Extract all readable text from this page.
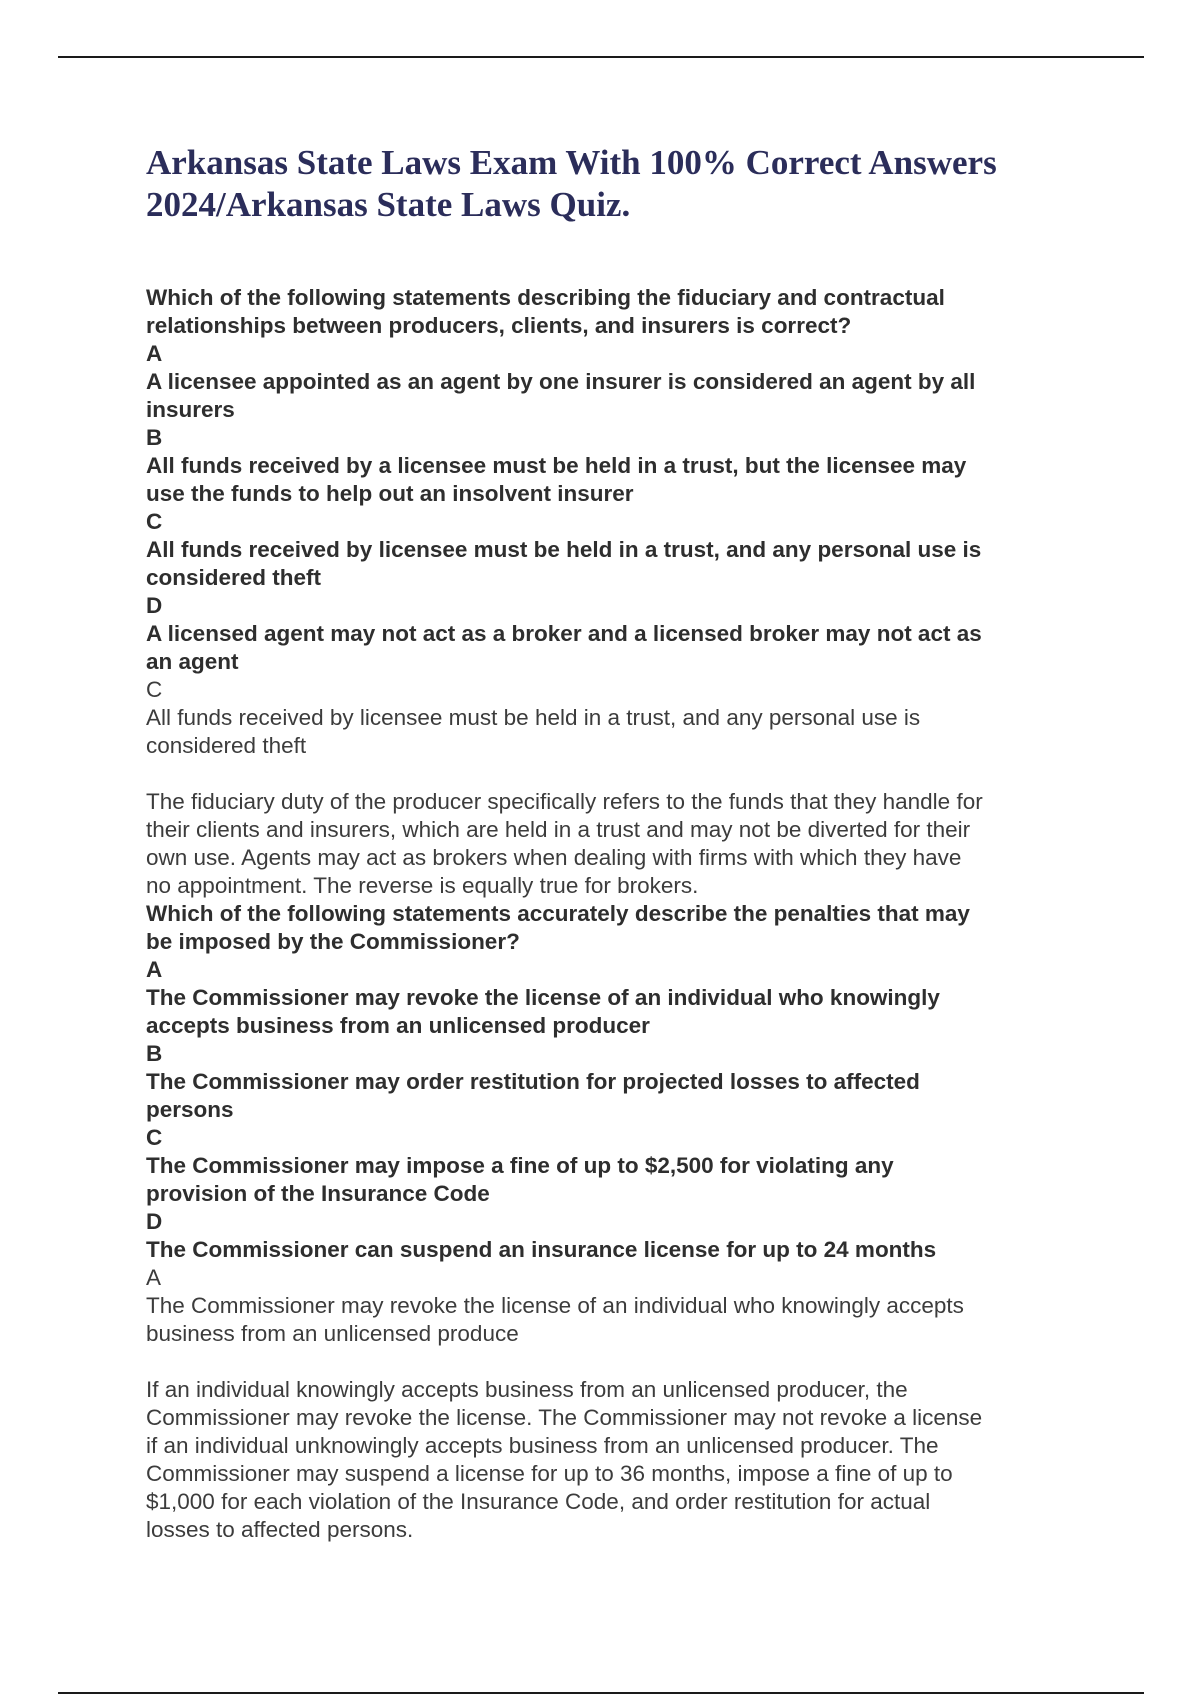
Arkansas State Laws Exam With 100% Correct Answers
2024/Arkansas State Laws Quiz.
Which of the following statements describing the fiduciary and contractual
relationships between producers, clients, and insurers is correct?
A
A licensee appointed as an agent by one insurer is considered an agent by all
insurers
B
All funds received by a licensee must be held in a trust, but the licensee may
use the funds to help out an insolvent insurer
C
All funds received by licensee must be held in a trust, and any personal use is
considered theft
D
A licensed agent may not act as a broker and a licensed broker may not act as
an agent
C
All funds received by licensee must be held in a trust, and any personal use is
considered theft
The fiduciary duty of the producer specifically refers to the funds that they handle for
their clients and insurers, which are held in a trust and may not be diverted for their
own use. Agents may act as brokers when dealing with firms with which they have
no appointment. The reverse is equally true for brokers.
Which of the following statements accurately describe the penalties that may
be imposed by the Commissioner?
A
The Commissioner may revoke the license of an individual who knowingly
accepts business from an unlicensed producer
B
The Commissioner may order restitution for projected losses to affected
persons
C
The Commissioner may impose a fine of up to $2,500 for violating any
provision of the Insurance Code
D
The Commissioner can suspend an insurance license for up to 24 months
A
The Commissioner may revoke the license of an individual who knowingly accepts
business from an unlicensed produce
If an individual knowingly accepts business from an unlicensed producer, the
Commissioner may revoke the license. The Commissioner may not revoke a license
if an individual unknowingly accepts business from an unlicensed producer. The
Commissioner may suspend a license for up to 36 months, impose a fine of up to
$1,000 for each violation of the Insurance Code, and order restitution for actual
losses to affected persons.
